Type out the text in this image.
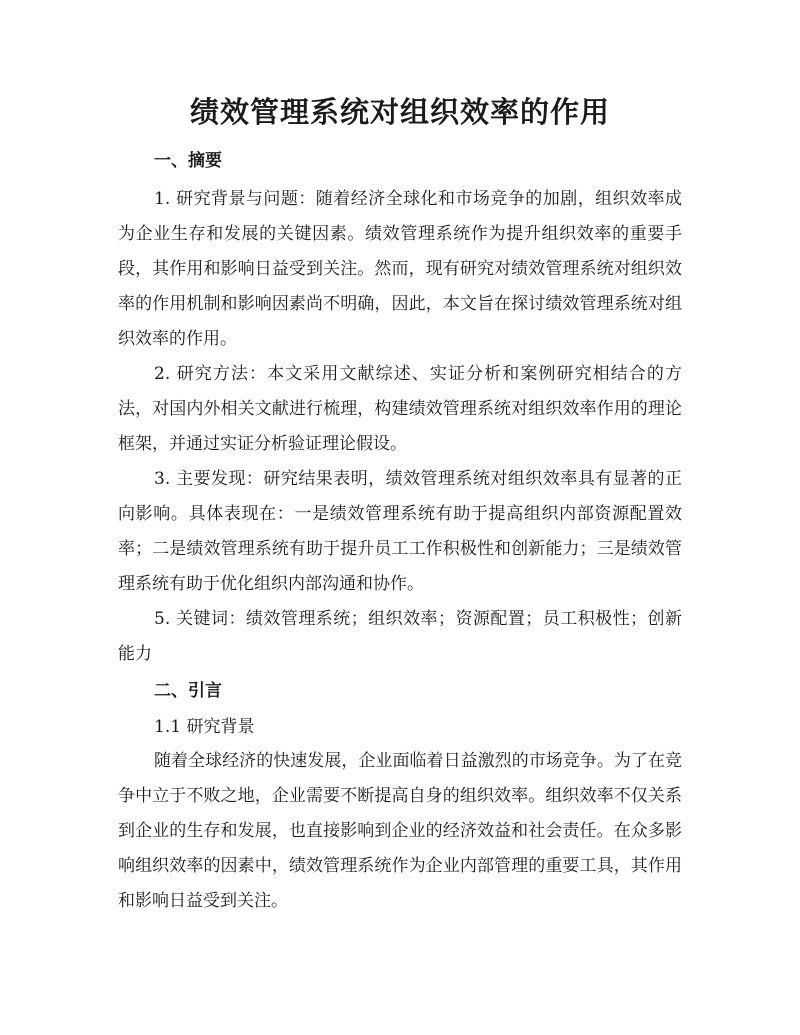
绩效管理系统对组织效率的作用
一、摘要

1. 研究背景与问题：随着经济全球化和市场竞争的加剧，组织效率成为企业生存和发展的关键因素。绩效管理系统作为提升组织效率的重要手段，其作用和影响日益受到关注。然而，现有研究对绩效管理系统对组织效率的作用机制和影响因素尚不明确，因此，本文旨在探讨绩效管理系统对组织效率的作用。

2. 研究方法：本文采用文献综述、实证分析和案例研究相结合的方法，对国内外相关文献进行梳理，构建绩效管理系统对组织效率作用的理论框架，并通过实证分析验证理论假设。

3. 主要发现：研究结果表明，绩效管理系统对组织效率具有显著的正向影响。具体表现在：一是绩效管理系统有助于提高组织内部资源配置效率；二是绩效管理系统有助于提升员工工作积极性和创新能力；三是绩效管理系统有助于优化组织内部沟通和协作。

5. 关键词：绩效管理系统；组织效率；资源配置；员工积极性；创新能力

二、引言

1.1 研究背景

随着全球经济的快速发展，企业面临着日益激烈的市场竞争。为了在竞争中立于不败之地，企业需要不断提高自身的组织效率。组织效率不仅关系到企业的生存和发展，也直接影响到企业的经济效益和社会责任。在众多影响组织效率的因素中，绩效管理系统作为企业内部管理的重要工具，其作用和影响日益受到关注。
